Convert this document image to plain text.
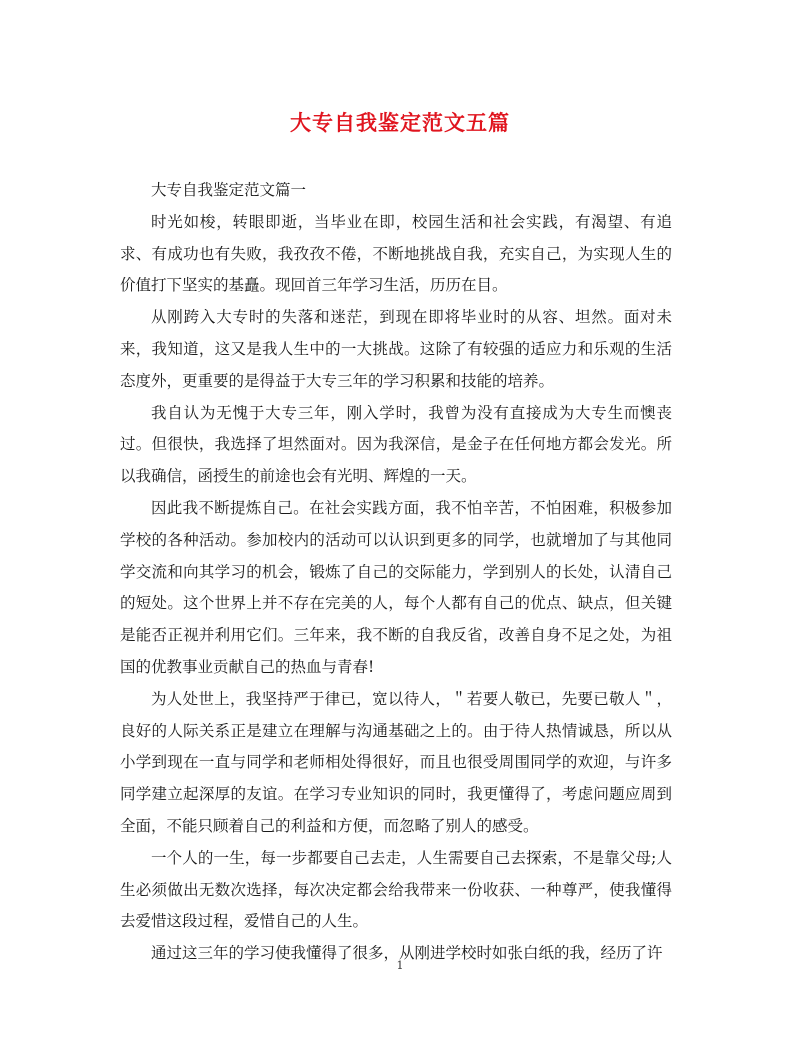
大专自我鉴定范文五篇

大专自我鉴定范文篇一

时光如梭，转眼即逝，当毕业在即，校园生活和社会实践，有渴望、有追求、有成功也有失败，我孜孜不倦，不断地挑战自我，充实自己，为实现人生的价值打下坚实的基矗。现回首三年学习生活，历历在目。

从刚跨入大专时的失落和迷茫，到现在即将毕业时的从容、坦然。面对未来，我知道，这又是我人生中的一大挑战。这除了有较强的适应力和乐观的生活态度外，更重要的是得益于大专三年的学习积累和技能的培养。

我自认为无愧于大专三年，刚入学时，我曾为没有直接成为大专生而懊丧过。但很快，我选择了坦然面对。因为我深信，是金子在任何地方都会发光。所以我确信，函授生的前途也会有光明、辉煌的一天。

因此我不断提炼自己。在社会实践方面，我不怕辛苦，不怕困难，积极参加学校的各种活动。参加校内的活动可以认识到更多的同学，也就增加了与其他同学交流和向其学习的机会，锻炼了自己的交际能力，学到别人的长处，认清自己的短处。这个世界上并不存在完美的人，每个人都有自己的优点、缺点，但关键是能否正视并利用它们。三年来，我不断的自我反省，改善自身不足之处，为祖国的优教事业贡献自己的热血与青春!

为人处世上，我坚持严于律已，宽以待人，＂若要人敬已，先要已敬人＂，良好的人际关系正是建立在理解与沟通基础之上的。由于待人热情诚恳，所以从小学到现在一直与同学和老师相处得很好，而且也很受周围同学的欢迎，与许多同学建立起深厚的友谊。在学习专业知识的同时，我更懂得了，考虑问题应周到全面，不能只顾着自己的利益和方便，而忽略了别人的感受。

一个人的一生，每一步都要自己去走，人生需要自己去探索，不是靠父母;人生必须做出无数次选择，每次决定都会给我带来一份收获、一种尊严，使我懂得去爱惜这段过程，爱惜自己的人生。

通过这三年的学习使我懂得了很多，从刚进学校时如张白纸的我，经历了许

1
